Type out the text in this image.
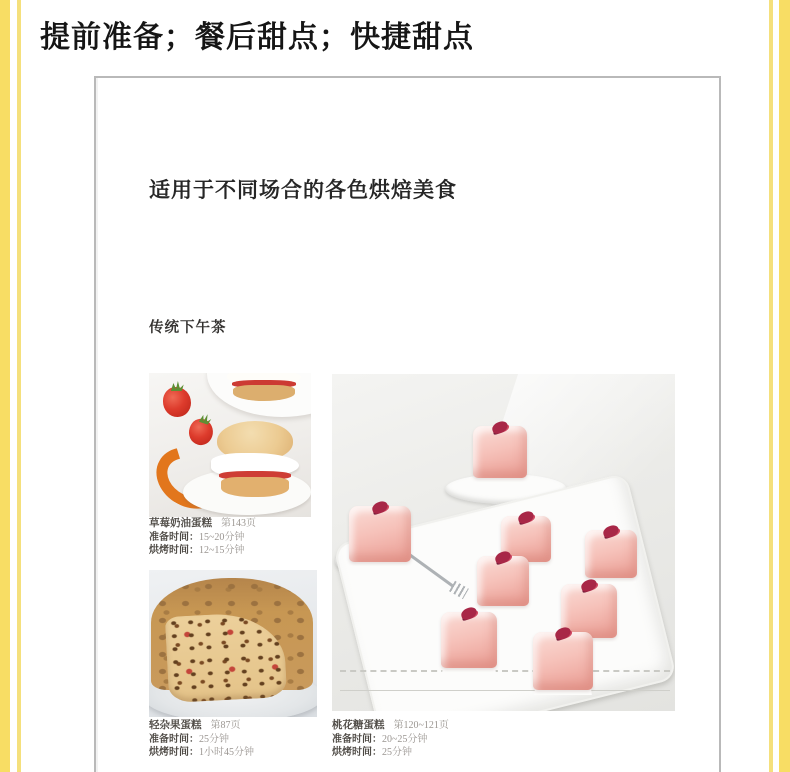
提前准备；餐后甜点；快捷甜点
适用于不同场合的各色烘焙美食
传统下午茶
草莓奶油蛋糕 第143页
准备时间：15~20分钟
烘烤时间：12~15分钟
轻杂果蛋糕 第87页
准备时间：25分钟
烘烤时间：1小时45分钟
桃花糖蛋糕 第120~121页
准备时间：20~25分钟
烘烤时间：25分钟
